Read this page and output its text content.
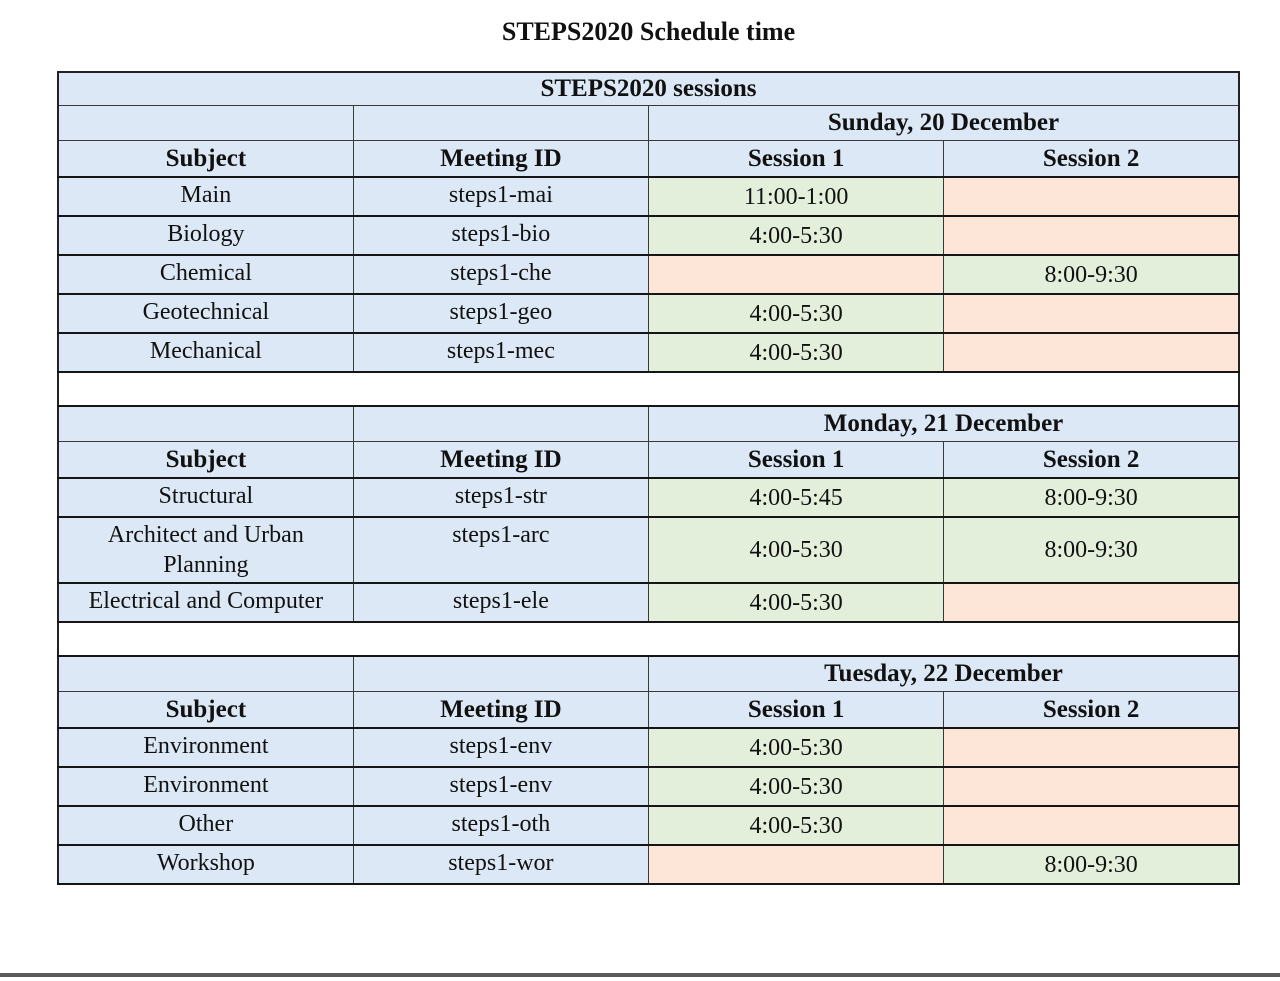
STEPS2020 Schedule time
STEPS2020 sessions			
		Sunday, 20 December	
Subject	Meeting ID	Session 1	Session 2
Main	steps1-mai	11:00-1:00	
Biology	steps1-bio	4:00-5:30	
Chemical	steps1-che		8:00-9:30
Geotechnical	steps1-geo	4:00-5:30	
Mechanical	steps1-mec	4:00-5:30	

		Monday, 21 December	
Subject	Meeting ID	Session 1	Session 2
Structural	steps1-str	4:00-5:45	8:00-9:30
Architect and Urban Planning	steps1-arc	4:00-5:30	8:00-9:30
Electrical and Computer	steps1-ele	4:00-5:30	

		Tuesday, 22 December	
Subject	Meeting ID	Session 1	Session 2
Environment	steps1-env	4:00-5:30	
Environment	steps1-env	4:00-5:30	
Other	steps1-oth	4:00-5:30	
Workshop	steps1-wor		8:00-9:30
